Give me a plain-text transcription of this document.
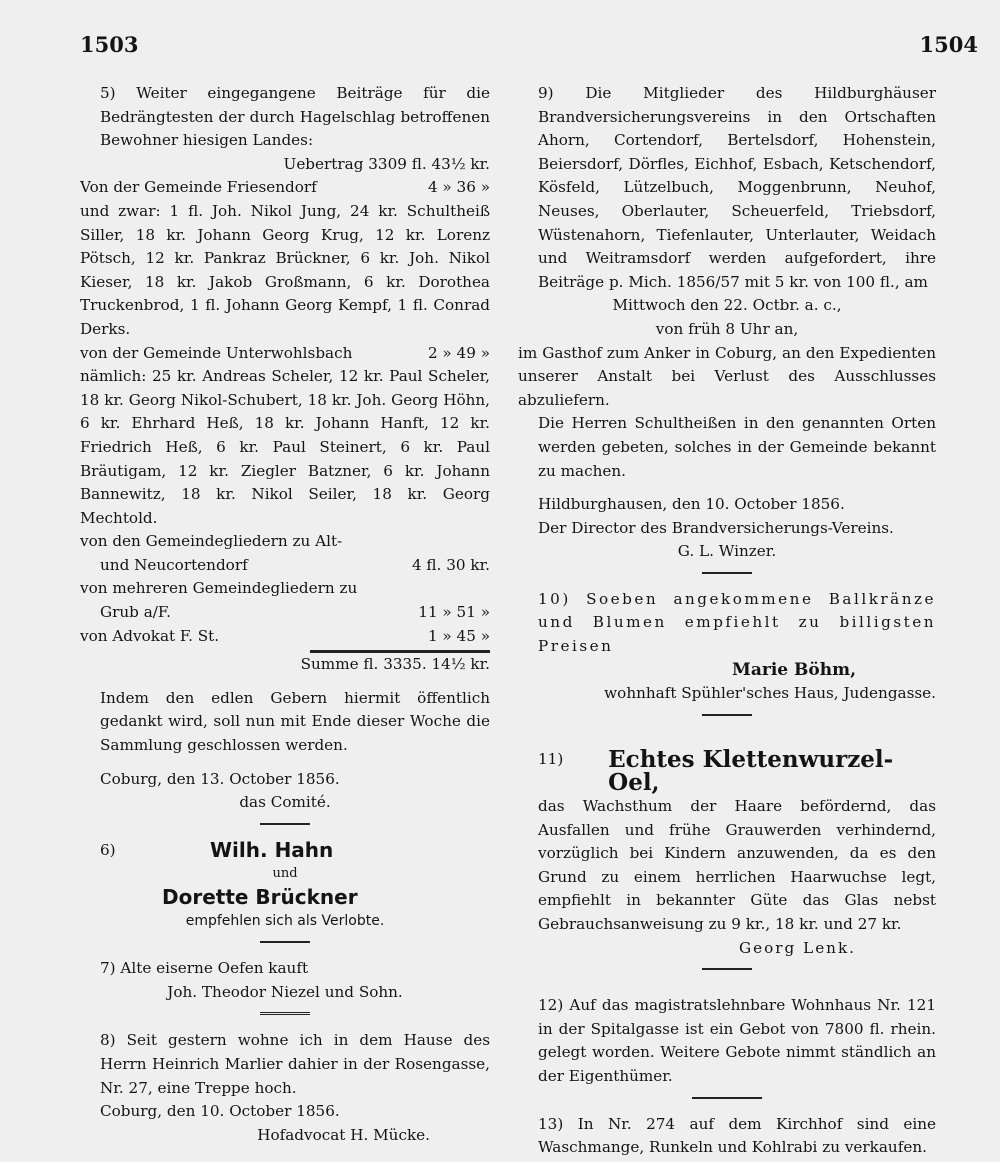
1503	1504

5) Weiter eingegangene Beiträge für die Bedrängtesten der durch Hagelschlag betroffenen Bewohner hiesigen Landes:

Uebertrag 3309 fl. 43½ kr.
Von der Gemeinde Friesendorf	4 » 36 »

und zwar: 1 fl. Joh. Nikol Jung, 24 kr. Schultheiß Siller, 18 kr. Johann Georg Krug, 12 kr. Lorenz Pötsch, 12 kr. Pankraz Brückner, 6 kr. Joh. Nikol Kieser, 18 kr. Jakob Großmann, 6 kr. Dorothea Truckenbrod, 1 fl. Johann Georg Kempf, 1 fl. Conrad Derks.

von der Gemeinde Unterwohlsbach	2 » 49 »

nämlich: 25 kr. Andreas Scheler, 12 kr. Paul Scheler, 18 kr. Georg Nikol-Schubert, 18 kr. Joh. Georg Höhn, 6 kr. Ehrhard Heß, 18 kr. Johann Hanft, 12 kr. Friedrich Heß, 6 kr. Paul Steinert, 6 kr. Paul Bräutigam, 12 kr. Ziegler Batzner, 6 kr. Johann Bannewitz, 18 kr. Nikol Seiler, 18 kr. Georg Mechtold.

von den Gemeindegliedern zu Alt-
und Neucortendorf	4 fl. 30 kr.
von mehreren Gemeindegliedern zu
Grub a/F.	11 » 51 »
von Advokat F. St.	1 » 45 »
Summe fl. 3335. 14½ kr.

Indem den edlen Gebern hiermit öffentlich gedankt wird, soll nun mit Ende dieser Woche die Sammlung geschlossen werden.

Coburg, den 13. October 1856.
das Comité.
6)	Wilh. Hahn
und
Dorette Brückner
empfehlen sich als Verlobte.
7) Alte eiserne Oefen kauft
Joh. Theodor Niezel und Sohn.

8) Seit gestern wohne ich in dem Hause des Herrn Heinrich Marlier dahier in der Rosengasse, Nr. 27, eine Treppe hoch.

Coburg, den 10. October 1856.
Hofadvocat H. Mücke.

9) Die Mitglieder des Hildburghäuser Brandversicherungsvereins in den Ortschaften Ahorn, Cortendorf, Bertelsdorf, Hohenstein, Beiersdorf, Dörfles, Eichhof, Esbach, Ketschendorf, Kösfeld, Lützelbuch, Moggenbrunn, Neuhof, Neuses, Oberlauter, Scheuerfeld, Triebsdorf, Wüstenahorn, Tiefenlauter, Unterlauter, Weidach und Weitramsdorf werden aufgefordert, ihre Beiträge p. Mich. 1856/57 mit 5 kr. von 100 fl., am

Mittwoch den 22. Octbr. a. c.,
von früh 8 Uhr an,

im Gasthof zum Anker in Coburg, an den Expedienten unserer Anstalt bei Verlust des Ausschlusses abzuliefern.

Die Herren Schultheißen in den genannten Orten werden gebeten, solches in der Gemeinde bekannt zu machen.

Hildburghausen, den 10. October 1856.
Der Director des Brandversicherungs-Vereins.
G. L. Winzer.

10) Soeben angekommene Ballkränze und Blumen empfiehlt zu billigsten Preisen

Marie Böhm,
wohnhaft Spühler'sches Haus, Judengasse.
11)	Echtes Klettenwurzel-Oel,

das Wachsthum der Haare befördernd, das Ausfallen und frühe Grauwerden verhindernd, vorzüglich bei Kindern anzuwenden, da es den Grund zu einem herrlichen Haarwuchse legt, empfiehlt in bekannter Güte das Glas nebst Gebrauchsanweisung zu 9 kr., 18 kr. und 27 kr.

Georg Lenk.

12) Auf das magistratslehnbare Wohnhaus Nr. 121 in der Spitalgasse ist ein Gebot von 7800 fl. rhein. gelegt worden. Weitere Gebote nimmt ständlich an der Eigenthümer.

13) In Nr. 274 auf dem Kirchhof sind eine Waschmange, Runkeln und Kohlrabi zu verkaufen.
